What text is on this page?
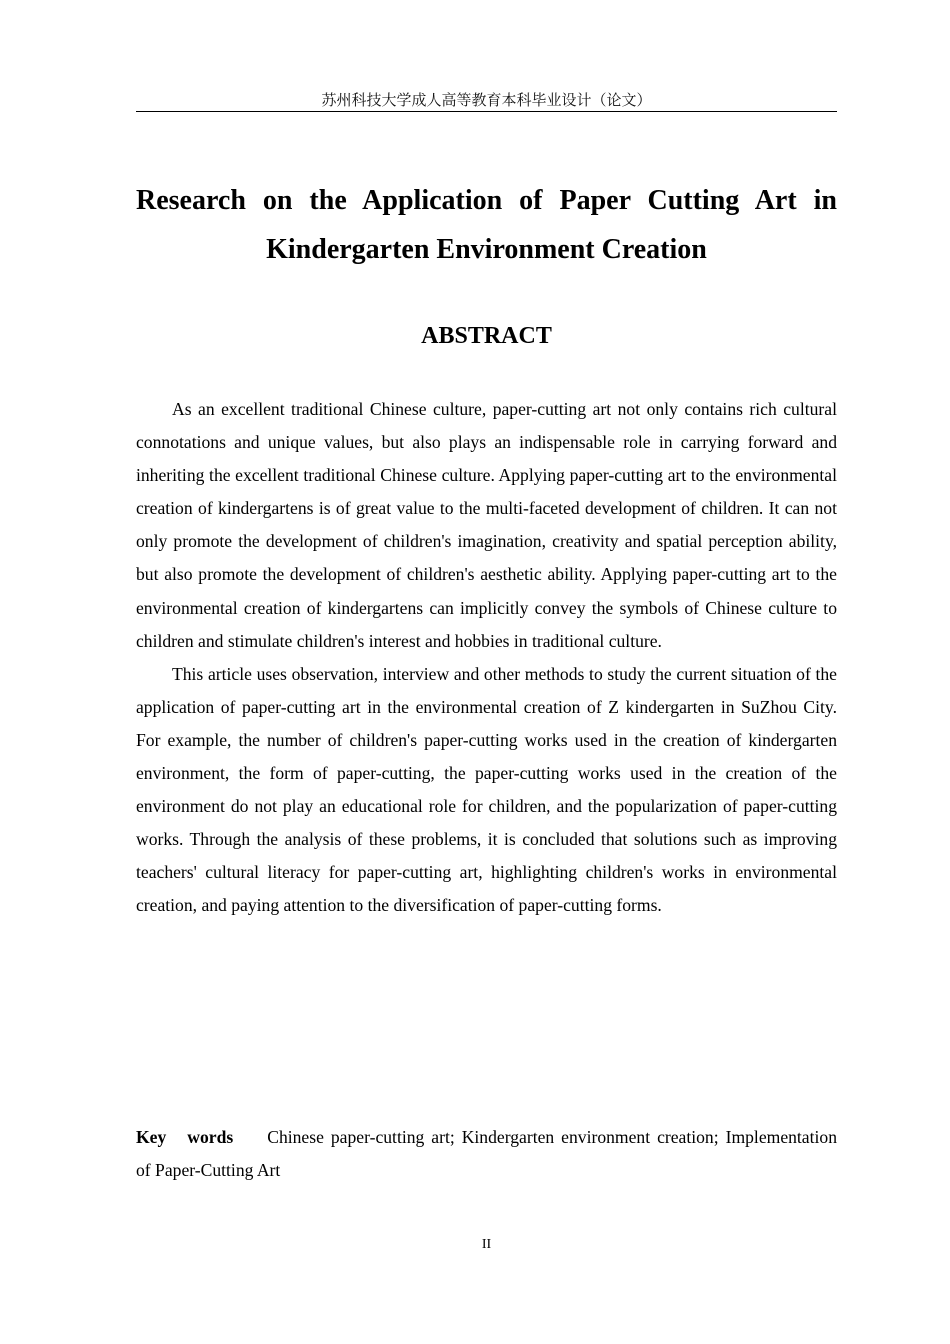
苏州科技大学成人高等教育本科毕业设计（论文）
Research on the Application of Paper Cutting Art in Kindergarten Environment Creation
ABSTRACT

As an excellent traditional Chinese culture, paper-cutting art not only contains rich cultural connotations and unique values, but also plays an indispensable role in carrying forward and inheriting the excellent traditional Chinese culture. Applying paper-cutting art to the environmental creation of kindergartens is of great value to the multi-faceted development of children. It can not only promote the development of children's imagination, creativity and spatial perception ability, but also promote the development of children's aesthetic ability. Applying paper-cutting art to the environmental creation of kindergartens can implicitly convey the symbols of Chinese culture to children and stimulate children's interest and hobbies in traditional culture.

This article uses observation, interview and other methods to study the current situation of the application of paper-cutting art in the environmental creation of Z kindergarten in SuZhou City. For example, the number of children's paper-cutting works used in the creation of kindergarten environment, the form of paper-cutting, the paper-cutting works used in the creation of the environment do not play an educational role for children, and the popularization of paper-cutting works. Through the analysis of these problems, it is concluded that solutions such as improving teachers' cultural literacy for paper-cutting art, highlighting children's works in environmental creation, and paying attention to the diversification of paper-cutting forms.

Key words Chinese paper-cutting art; Kindergarten environment creation; Implementation of Paper-Cutting Art
II
